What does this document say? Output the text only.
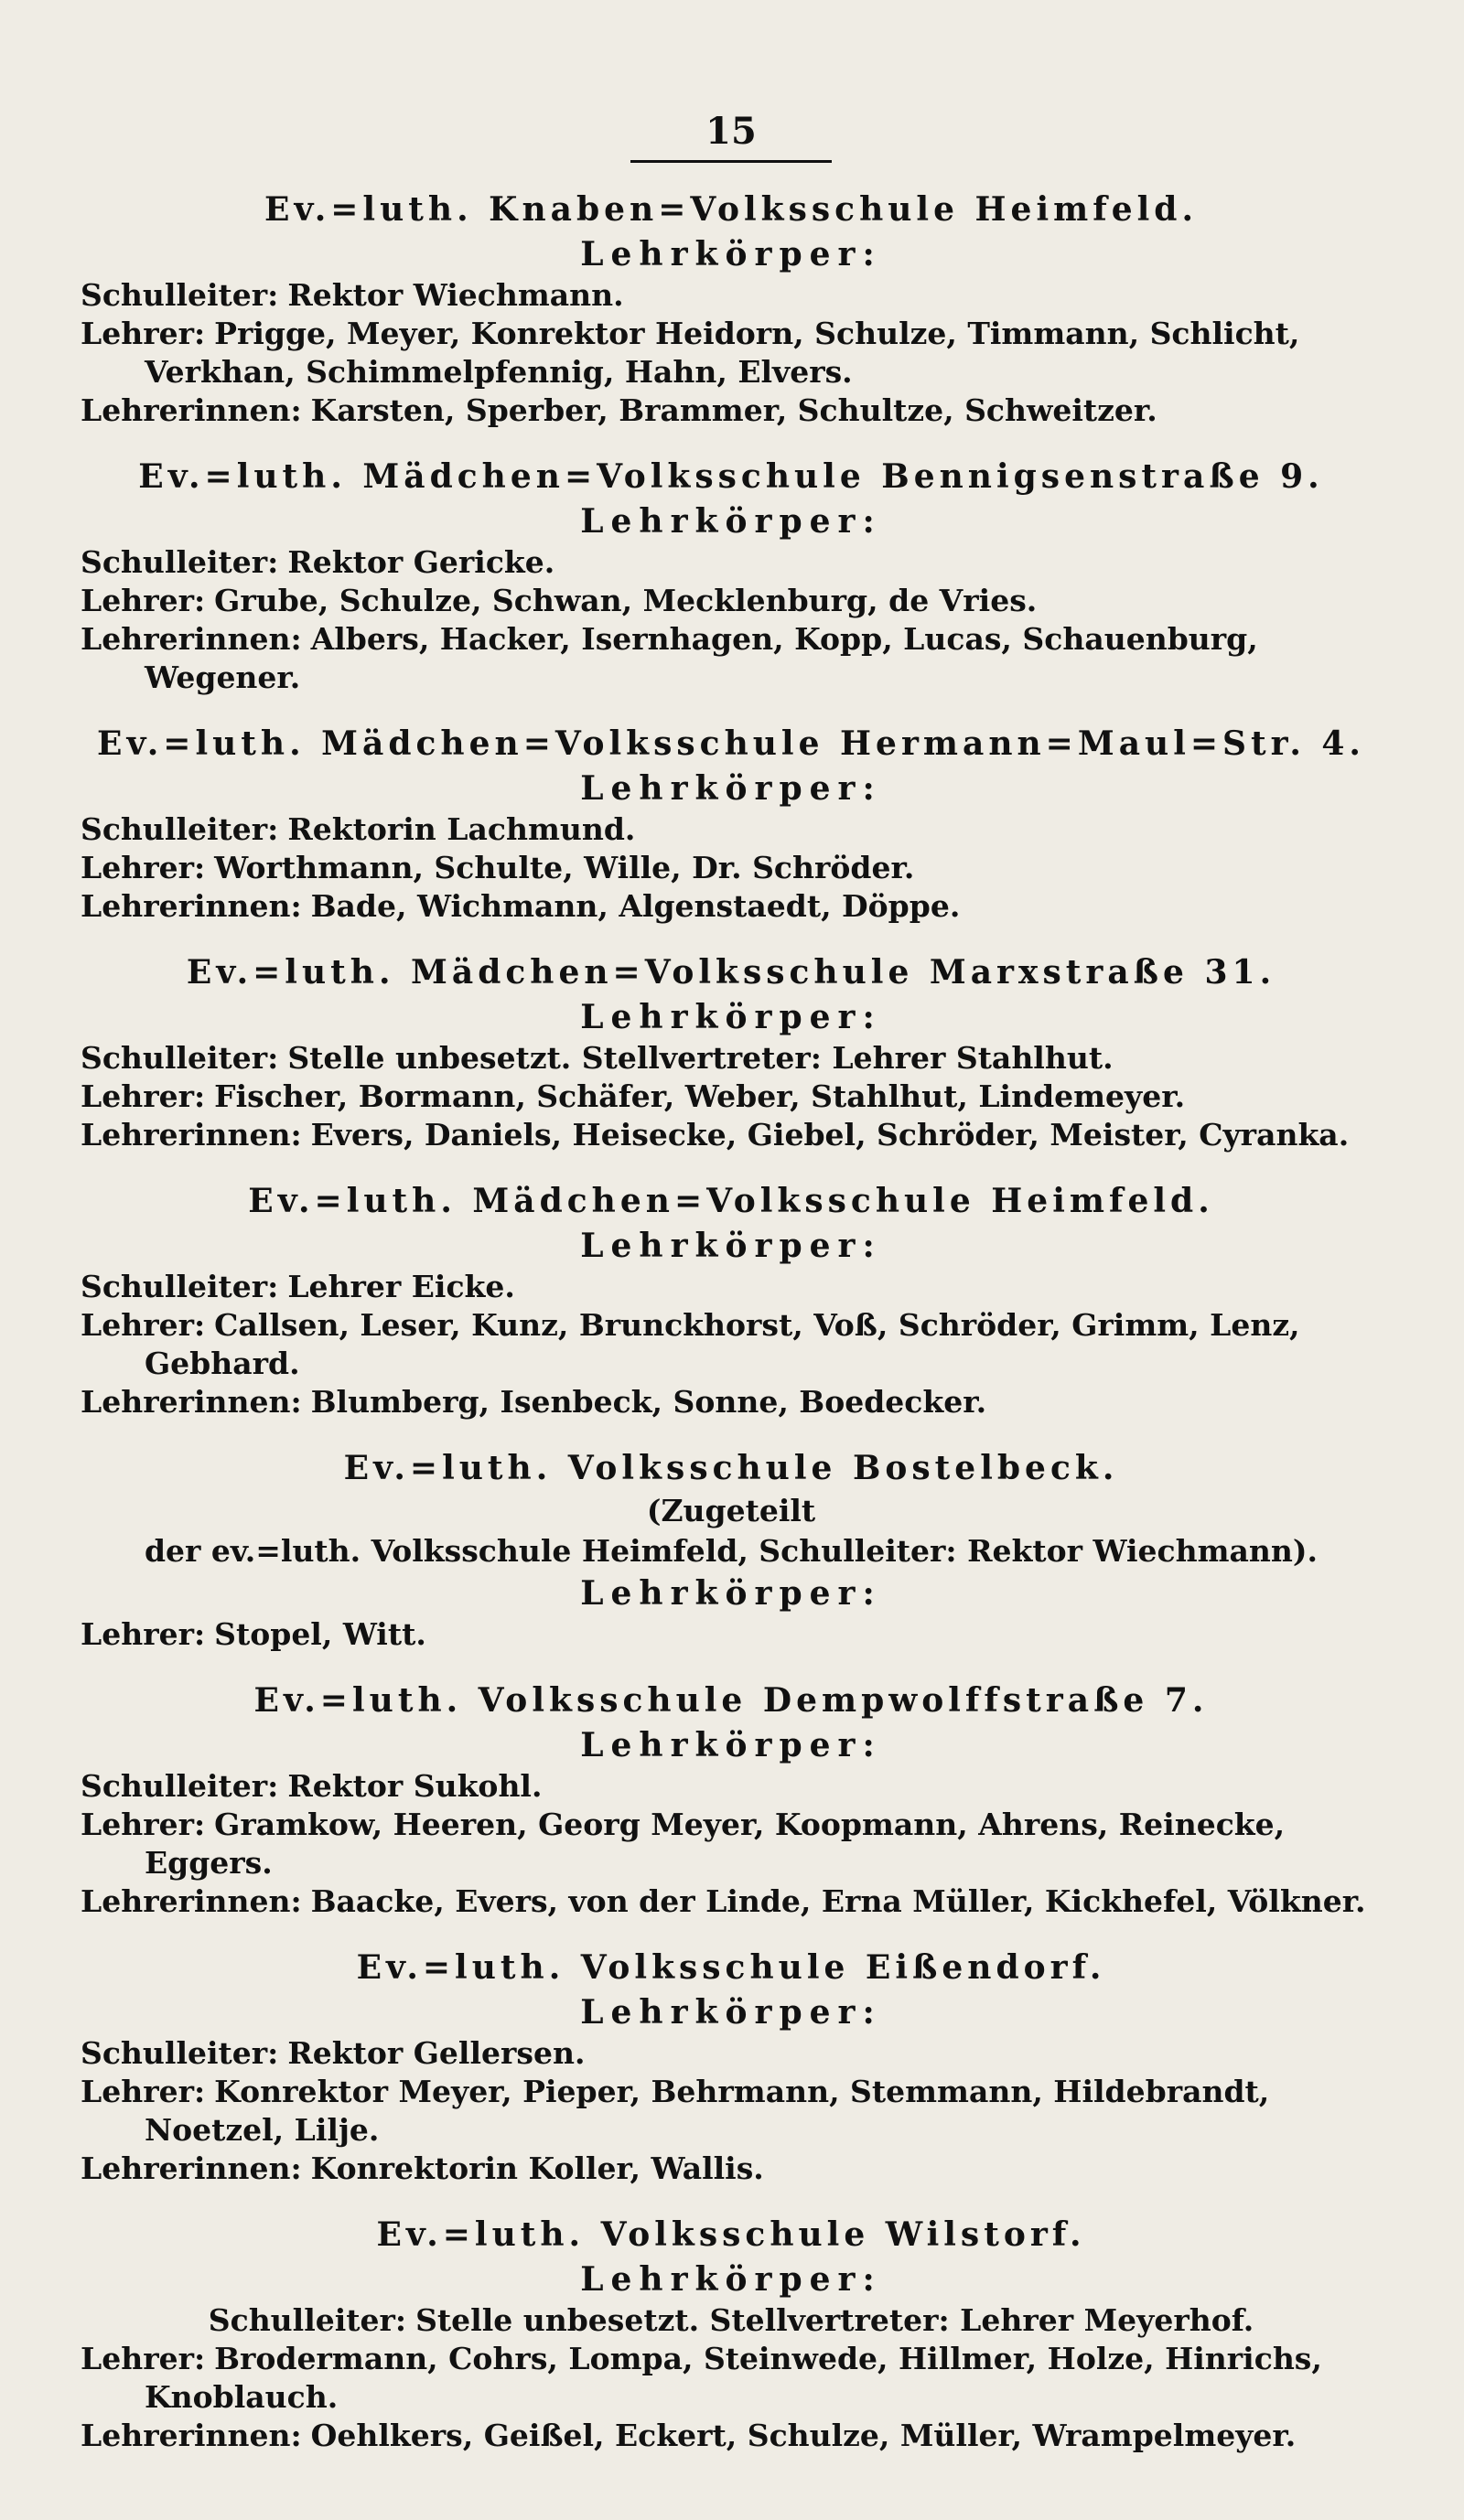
15
Ev.=luth. Knaben=Volksschule Heimfeld.
Lehrkörper:
Schulleiter: Rektor Wiechmann.
Lehrer: Prigge, Meyer, Konrektor Heidorn, Schulze, Timmann, Schlicht, Verkhan, Schimmelpfennig, Hahn, Elvers.
Lehrerinnen: Karsten, Sperber, Brammer, Schultze, Schweitzer.
Ev.=luth. Mädchen=Volksschule Bennigsenstraße 9.
Lehrkörper:
Schulleiter: Rektor Gericke.
Lehrer: Grube, Schulze, Schwan, Mecklenburg, de Vries.
Lehrerinnen: Albers, Hacker, Isernhagen, Kopp, Lucas, Schauenburg, Wegener.
Ev.=luth. Mädchen=Volksschule Hermann=Maul=Str. 4.
Lehrkörper:
Schulleiter: Rektorin Lachmund.
Lehrer: Worthmann, Schulte, Wille, Dr. Schröder.
Lehrerinnen: Bade, Wichmann, Algenstaedt, Döppe.
Ev.=luth. Mädchen=Volksschule Marxstraße 31.
Lehrkörper:
Schulleiter: Stelle unbesetzt. Stellvertreter: Lehrer Stahlhut.
Lehrer: Fischer, Bormann, Schäfer, Weber, Stahlhut, Lindemeyer.
Lehrerinnen: Evers, Daniels, Heisecke, Giebel, Schröder, Meister, Cyranka.
Ev.=luth. Mädchen=Volksschule Heimfeld.
Lehrkörper:
Schulleiter: Lehrer Eicke.
Lehrer: Callsen, Leser, Kunz, Brunckhorst, Voß, Schröder, Grimm, Lenz, Gebhard.
Lehrerinnen: Blumberg, Isenbeck, Sonne, Boedecker.
Ev.=luth. Volksschule Bostelbeck.
(Zugeteilt
der ev.=luth. Volksschule Heimfeld, Schulleiter: Rektor Wiechmann).
Lehrkörper:
Lehrer: Stopel, Witt.
Ev.=luth. Volksschule Dempwolffstraße 7.
Lehrkörper:
Schulleiter: Rektor Sukohl.
Lehrer: Gramkow, Heeren, Georg Meyer, Koopmann, Ahrens, Reinecke, Eggers.
Lehrerinnen: Baacke, Evers, von der Linde, Erna Müller, Kickhefel, Völkner.
Ev.=luth. Volksschule Eißendorf.
Lehrkörper:
Schulleiter: Rektor Gellersen.
Lehrer: Konrektor Meyer, Pieper, Behrmann, Stemmann, Hildebrandt, Noetzel, Lilje.
Lehrerinnen: Konrektorin Koller, Wallis.
Ev.=luth. Volksschule Wilstorf.
Lehrkörper:
Schulleiter: Stelle unbesetzt. Stellvertreter: Lehrer Meyerhof.
Lehrer: Brodermann, Cohrs, Lompa, Steinwede, Hillmer, Holze, Hinrichs, Knoblauch.
Lehrerinnen: Oehlkers, Geißel, Eckert, Schulze, Müller, Wrampelmeyer.
